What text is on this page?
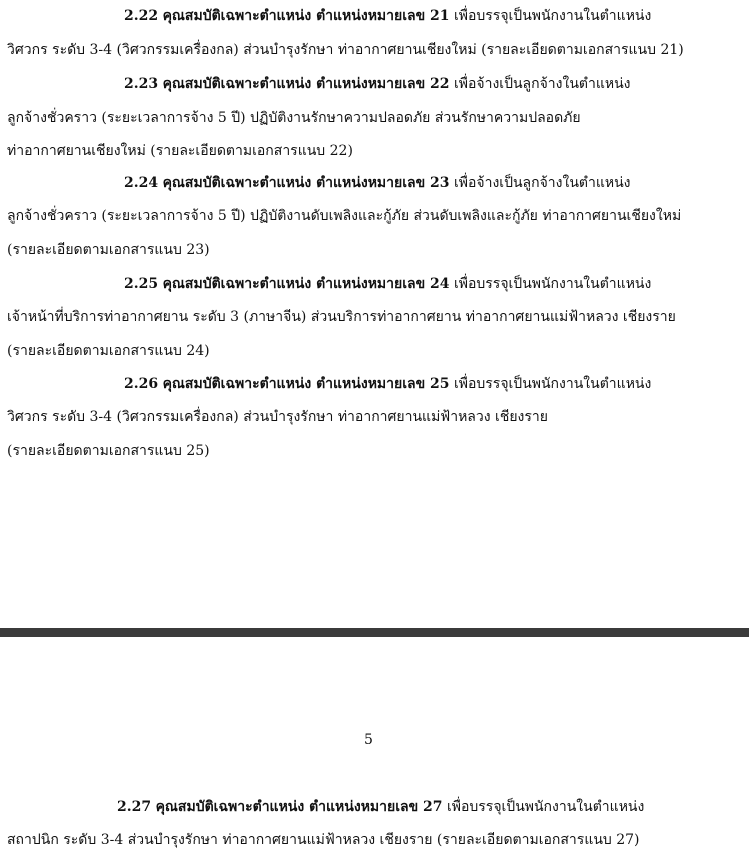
2.22 คุณสมบัติเฉพาะตำแหน่ง ตำแหน่งหมายเลข 21 เพื่อบรรจุเป็นพนักงานในตำแหน่ง
วิศวกร ระดับ 3-4 (วิศวกรรมเครื่องกล) ส่วนบำรุงรักษา ท่าอากาศยานเชียงใหม่ (รายละเอียดตามเอกสารแนบ 21)
2.23 คุณสมบัติเฉพาะตำแหน่ง ตำแหน่งหมายเลข 22 เพื่อจ้างเป็นลูกจ้างในตำแหน่ง
ลูกจ้างชั่วคราว (ระยะเวลาการจ้าง 5 ปี) ปฏิบัติงานรักษาความปลอดภัย ส่วนรักษาความปลอดภัย
ท่าอากาศยานเชียงใหม่ (รายละเอียดตามเอกสารแนบ 22)
2.24 คุณสมบัติเฉพาะตำแหน่ง ตำแหน่งหมายเลข 23 เพื่อจ้างเป็นลูกจ้างในตำแหน่ง
ลูกจ้างชั่วคราว (ระยะเวลาการจ้าง 5 ปี) ปฏิบัติงานดับเพลิงและกู้ภัย ส่วนดับเพลิงและกู้ภัย ท่าอากาศยานเชียงใหม่
(รายละเอียดตามเอกสารแนบ 23)
2.25 คุณสมบัติเฉพาะตำแหน่ง ตำแหน่งหมายเลข 24 เพื่อบรรจุเป็นพนักงานในตำแหน่ง
เจ้าหน้าที่บริการท่าอากาศยาน ระดับ 3 (ภาษาจีน) ส่วนบริการท่าอากาศยาน ท่าอากาศยานแม่ฟ้าหลวง เชียงราย
(รายละเอียดตามเอกสารแนบ 24)
2.26 คุณสมบัติเฉพาะตำแหน่ง ตำแหน่งหมายเลข 25 เพื่อบรรจุเป็นพนักงานในตำแหน่ง
วิศวกร ระดับ 3-4 (วิศวกรรมเครื่องกล) ส่วนบำรุงรักษา ท่าอากาศยานแม่ฟ้าหลวง เชียงราย
(รายละเอียดตามเอกสารแนบ 25)
5
2.27 คุณสมบัติเฉพาะตำแหน่ง ตำแหน่งหมายเลข 27 เพื่อบรรจุเป็นพนักงานในตำแหน่ง
สถาปนิก ระดับ 3-4 ส่วนบำรุงรักษา ท่าอากาศยานแม่ฟ้าหลวง เชียงราย (รายละเอียดตามเอกสารแนบ 27)
